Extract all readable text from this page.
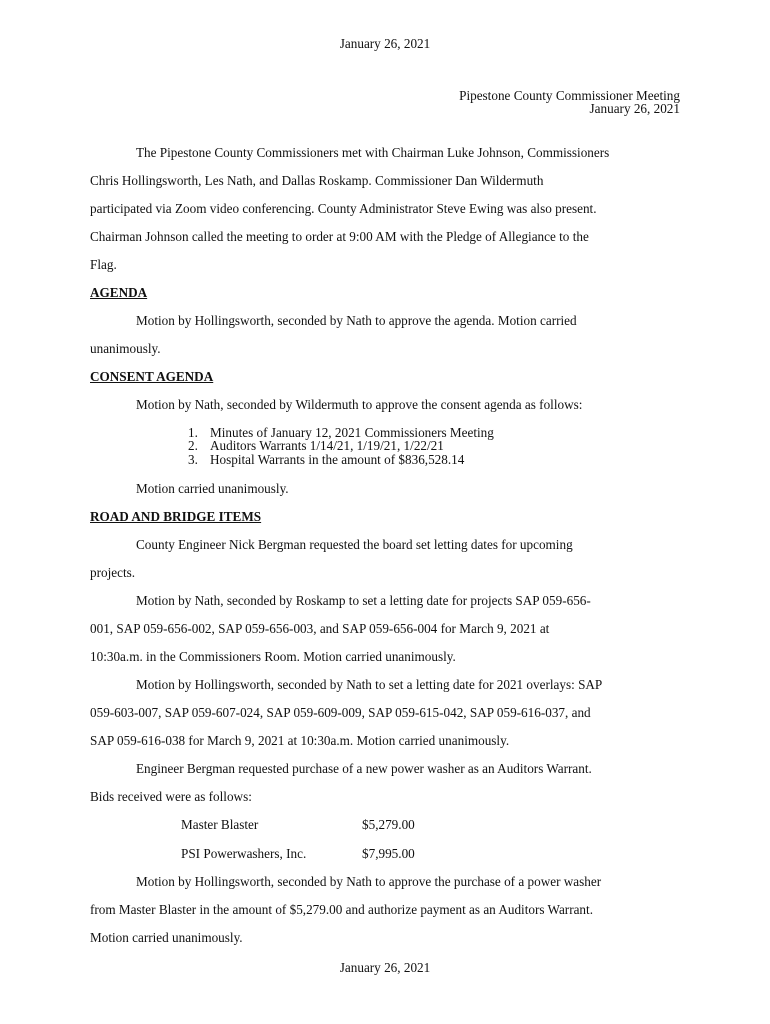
January 26, 2021
Pipestone County Commissioner Meeting
January 26, 2021
The Pipestone County Commissioners met with Chairman Luke Johnson, Commissioners
Chris Hollingsworth, Les Nath, and Dallas Roskamp. Commissioner Dan Wildermuth
participated via Zoom video conferencing. County Administrator Steve Ewing was also present.
Chairman Johnson called the meeting to order at 9:00 AM with the Pledge of Allegiance to the
Flag.
AGENDA
Motion by Hollingsworth, seconded by Nath to approve the agenda. Motion carried
unanimously.
CONSENT AGENDA
Motion by Nath, seconded by Wildermuth to approve the consent agenda as follows:
1. Minutes of January 12, 2021 Commissioners Meeting
2. Auditors Warrants 1/14/21, 1/19/21, 1/22/21
3. Hospital Warrants in the amount of $836,528.14
Motion carried unanimously.
ROAD AND BRIDGE ITEMS
County Engineer Nick Bergman requested the board set letting dates for upcoming
projects.
Motion by Nath, seconded by Roskamp to set a letting date for projects SAP 059-656-
001, SAP 059-656-002, SAP 059-656-003, and SAP 059-656-004 for March 9, 2021 at
10:30a.m. in the Commissioners Room. Motion carried unanimously.
Motion by Hollingsworth, seconded by Nath to set a letting date for 2021 overlays: SAP
059-603-007, SAP 059-607-024, SAP 059-609-009, SAP 059-615-042, SAP 059-616-037, and
SAP 059-616-038 for March 9, 2021 at 10:30a.m. Motion carried unanimously.
Engineer Bergman requested purchase of a new power washer as an Auditors Warrant.
Bids received were as follows:
Master Blaster	$5,279.00
PSI Powerwashers, Inc.	$7,995.00
Motion by Hollingsworth, seconded by Nath to approve the purchase of a power washer
from Master Blaster in the amount of $5,279.00 and authorize payment as an Auditors Warrant.
Motion carried unanimously.
January 26, 2021
